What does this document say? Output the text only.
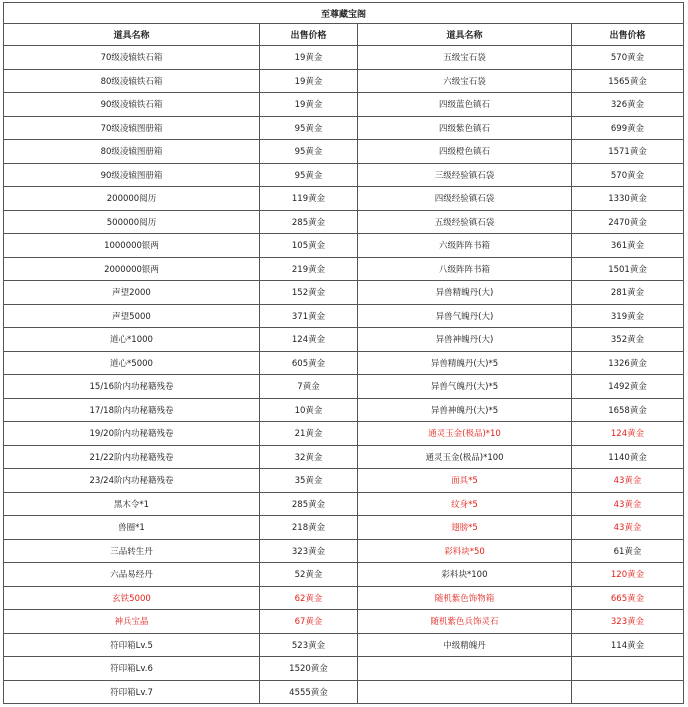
至尊藏宝阁			
道具名称	出售价格	道具名称	出售价格
70级凌辕铁石箱	19黄金	五级宝石袋	570黄金
80级凌辕铁石箱	19黄金	六级宝石袋	1565黄金
90级凌辕铁石箱	19黄金	四级蓝色镇石	326黄金
70级凌辕图册箱	95黄金	四级紫色镇石	699黄金
80级凌辕图册箱	95黄金	四级橙色镇石	1571黄金
90级凌辕图册箱	95黄金	三级经验镇石袋	570黄金
200000阅历	119黄金	四级经验镇石袋	1330黄金
500000阅历	285黄金	五级经验镇石袋	2470黄金
1000000银两	105黄金	六级阵阵书箱	361黄金
2000000银两	219黄金	八级阵阵书箱	1501黄金
声望2000	152黄金	异兽精魄丹(大)	281黄金
声望5000	371黄金	异兽气魄丹(大)	319黄金
道心*1000	124黄金	异兽神魄丹(大)	352黄金
道心*5000	605黄金	异兽精魄丹(大)*5	1326黄金
15/16阶内功秘籍残卷	7黄金	异兽气魄丹(大)*5	1492黄金
17/18阶内功秘籍残卷	10黄金	异兽神魄丹(大)*5	1658黄金
19/20阶内功秘籍残卷	21黄金	通灵玉金(极品)*10	124黄金
21/22阶内功秘籍残卷	32黄金	通灵玉金(极品)*100	1140黄金
23/24阶内功秘籍残卷	35黄金	面具*5	43黄金
黑木令*1	285黄金	纹身*5	43黄金
兽圈*1	218黄金	翅膀*5	43黄金
三品转生丹	323黄金	彩料块*50	61黄金
六品易经丹	52黄金	彩料块*100	120黄金
玄铁5000	62黄金	随机紫色饰物箱	665黄金
神兵宝晶	67黄金	随机紫色兵饰灵石	323黄金
符印箱Lv.5	523黄金	中级精魄丹	114黄金
符印箱Lv.6	1520黄金		
符印箱Lv.7	4555黄金		
